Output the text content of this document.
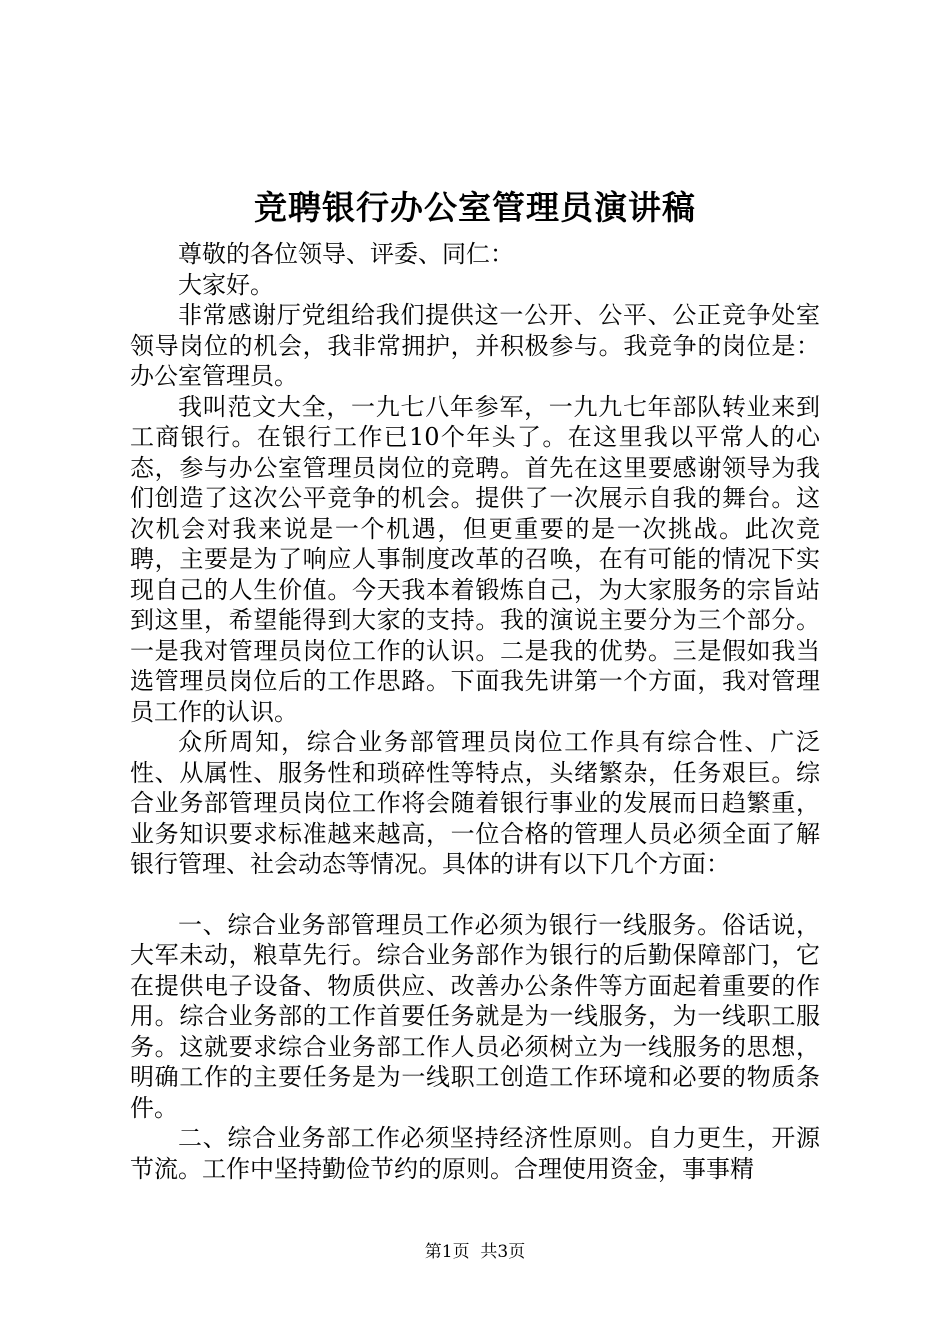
竞聘银行办公室管理员演讲稿

尊敬的各位领导、评委、同仁：

大家好。

非常感谢厅党组给我们提供这一公开、公平、公正竞争处室领导岗位的机会，我非常拥护，并积极参与。我竞争的岗位是：办公室管理员。

我叫范文大全，一九七八年参军，一九九七年部队转业来到工商银行。在银行工作已10个年头了。在这里我以平常人的心态，参与办公室管理员岗位的竞聘。首先在这里要感谢领导为我们创造了这次公平竞争的机会。提供了一次展示自我的舞台。这次机会对我来说是一个机遇，但更重要的是一次挑战。此次竞聘，主要是为了响应人事制度改革的召唤，在有可能的情况下实现自己的人生价值。今天我本着锻炼自己，为大家服务的宗旨站到这里，希望能得到大家的支持。我的演说主要分为三个部分。一是我对管理员岗位工作的认识。二是我的优势。三是假如我当选管理员岗位后的工作思路。下面我先讲第一个方面，我对管理员工作的认识。

众所周知，综合业务部管理员岗位工作具有综合性、广泛性、从属性、服务性和琐碎性等特点，头绪繁杂，任务艰巨。综合业务部管理员岗位工作将会随着银行事业的发展而日趋繁重，业务知识要求标准越来越高，一位合格的管理人员必须全面了解银行管理、社会动态等情况。具体的讲有以下几个方面：

一、综合业务部管理员工作必须为银行一线服务。俗话说，大军未动，粮草先行。综合业务部作为银行的后勤保障部门，它在提供电子设备、物质供应、改善办公条件等方面起着重要的作用。综合业务部的工作首要任务就是为一线服务，为一线职工服务。这就要求综合业务部工作人员必须树立为一线服务的思想，明确工作的主要任务是为一线职工创造工作环境和必要的物质条件。

二、综合业务部工作必须坚持经济性原则。自力更生，开源节流。工作中坚持勤俭节约的原则。合理使用资金，事事精

第1页 共3页
